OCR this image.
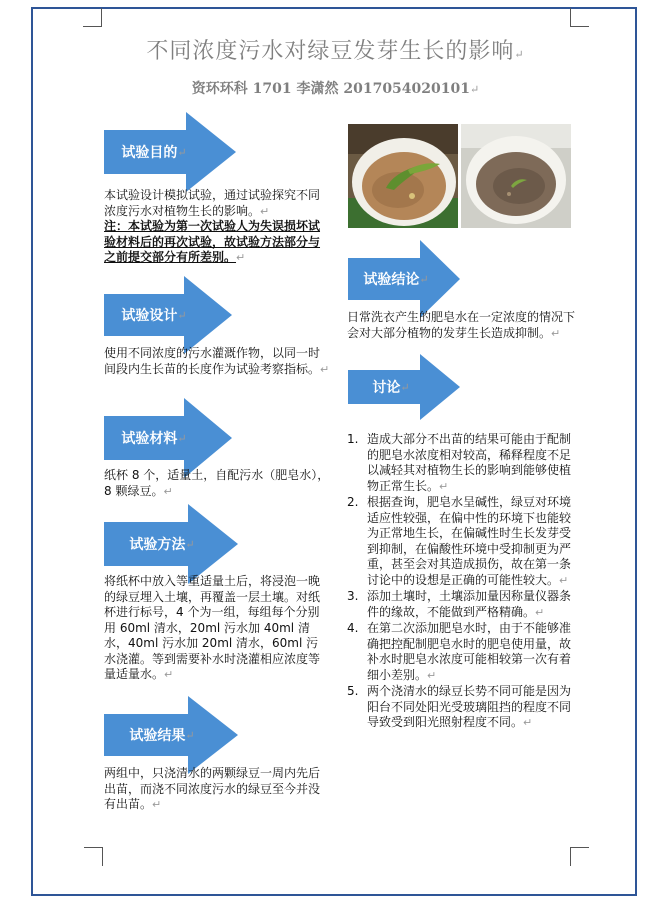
不同浓度污水对绿豆发芽生长的影响↵
资环环科 1701 李潇然 2017054020101↵
试验目的 ↵
本试验设计模拟试验，通过试验探究不同浓度污水对植物生长的影响。↵
注：本试验为第一次试验人为失误损坏试验材料后的再次试验，故试验方法部分与之前提交部分有所差别。↵
试验设计 ↵
使用不同浓度的污水灌溉作物，以同一时间段内生长苗的长度作为试验考察指标。↵
试验材料 ↵
纸杯 8 个，适量土，自配污水（肥皂水），8 颗绿豆。↵
试验方法 ↵
将纸杯中放入等重适量土后，将浸泡一晚的绿豆埋入土壤，再覆盖一层土壤。对纸杯进行标号，4 个为一组，每组每个分别用 60ml 清水，20ml 污水加 40ml 清水，40ml 污水加 20ml 清水，60ml 污水浇灌。等到需要补水时浇灌相应浓度等量适量水。↵
试验结果 ↵
两组中，只浇清水的两颗绿豆一周内先后出苗，而浇不同浓度污水的绿豆至今并没有出苗。↵
试验结论 ↵
日常洗衣产生的肥皂水在一定浓度的情况下会对大部分植物的发芽生长造成抑制。↵
讨论 ↵
1. 造成大部分不出苗的结果可能由于配制的肥皂水浓度相对较高，稀释程度不足以减轻其对植物生长的影响到能够使植物正常生长。↵
2. 根据查询，肥皂水呈碱性，绿豆对环境适应性较强，在偏中性的环境下也能较为正常地生长，在偏碱性时生长发芽受到抑制，在偏酸性环境中受抑制更为严重，甚至会对其造成损伤，故在第一条讨论中的设想是正确的可能性较大。↵
3. 添加土壤时，土壤添加量因称量仪器条件的缘故，不能做到严格精确。↵
4. 在第二次添加肥皂水时，由于不能够准确把控配制肥皂水时的肥皂使用量，故补水时肥皂水浓度可能相较第一次有着细小差别。↵
5. 两个浇清水的绿豆长势不同可能是因为阳台不同处阳光受玻璃阻挡的程度不同导致受到阳光照射程度不同。↵
